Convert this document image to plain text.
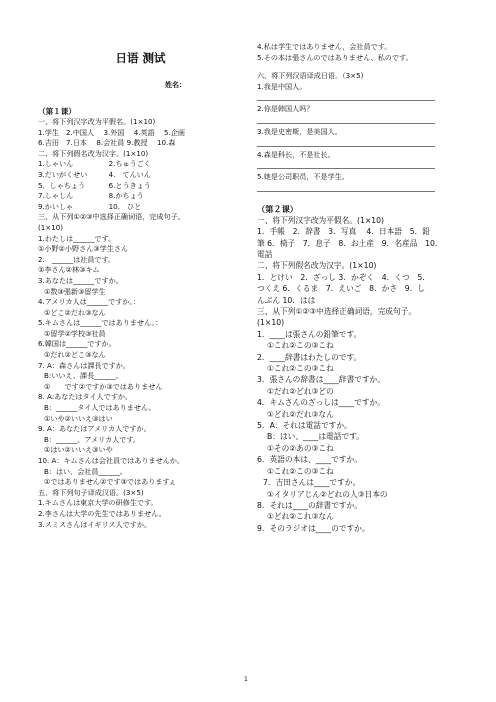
日语 测试
姓名：
（第１课）
一、将下列汉字改为平假名。(1×10)
1.学生　2.中国人　 3.外国　 4.英語　 5.企画
6.吉田　7.日本　 8.会社員 9.教授　 10.森
二、将下列假名改为汉字。(1×10)
1.しゃいん　　　　　2.ちゅうごく
3.だいがくせい　　　4.　てんいん
5．しゃちょう　　　 6.とうきょう
7.しゃしん　　　　　8.かちょう
9.かいしゃ　　　　　10.　ひと
三、从下列①②③中选择正确词语，完成句子。
(1×10)
1.わたしは______です。
①小野②小野さん③学生さん
2.　______は社員です。
①李さん②林③キム
3.あなたは______ですか。
①数③張新③留学生
4.アメリカ人は______ですか。：
①どこ②だれ③なん
5.キムさんは______ではありません。：
①留学②学校③社員
6.韓国は______ですか。
①だれ②どこ③なん
7. A：森さんは課長ですか。
B:いいえ、課長______。
①　　です②ですか③ではありません
8. A:あなたはタイ人ですか。
B：______タイ人ではありません。
①いや②いいえ③はい
9. A：あなたはアメリカ人ですか。
B：______、アメリカ人です。
①はい②いいえ③いや
10. A：キムさんは会社員ではありませんか。
B：はい、会社員______。
①ではありません②です③ではありますぇ
五、将下列句子译成汉语。(3×5)
1.キムさんは東京大学の研修生です。
2.李さんは大学の先生ではありません。
3.スミスさんはイギリス人ですか。
4.私は学生ではありません，会社員です。
5.その本は張さんのではありません、私のです。
六、将下列汉语译成日语。（3×5)
1.我是中国人。
2.你是韩国人吗？
3.我是史密斯，是美国人。
4.森是科长，不是社长。
5.她是公司职员，不是学生。
（第２课）
一、将下列汉字改为平假名。(1×10)
1．手帳　2．辞書　3．写真　 4．日本語　5．鉛
筆 6．椅子　7．息子　8．お土産　9．名産品　10．
電話
二、将下列假名改为汉字。(1×10)
1．とけい　2．ざっし 3．かぞく　4．くつ　5．
つくえ 6．くるま　7．えいご　8．かさ　9．し
んぶん 10．はは
三、从下列①②③中选择正确词语，完成句子。
(1×10)
1．____は張さんの鉛筆です。
①これ②この③こね
2．____辞書はわたしのです。
①これ②この③こね
3．張さんの辞書は____辞書ですか。
①だれ②どれ③どの
4．キムさんのざっしは____ですか。
①どれ②だれ③なん
5．A：それは電話ですか。
B：はい、____は電話です。
①その②あの③こね
6．英語の本は、____ですか。
①これ②この③こね
7．吉田さんは____ですか。
①イタリアじん②どれの人③日本の
8．それは____の辞書ですか。
①どれ②これ③なん
9．そのラジオは____のですか。
1
